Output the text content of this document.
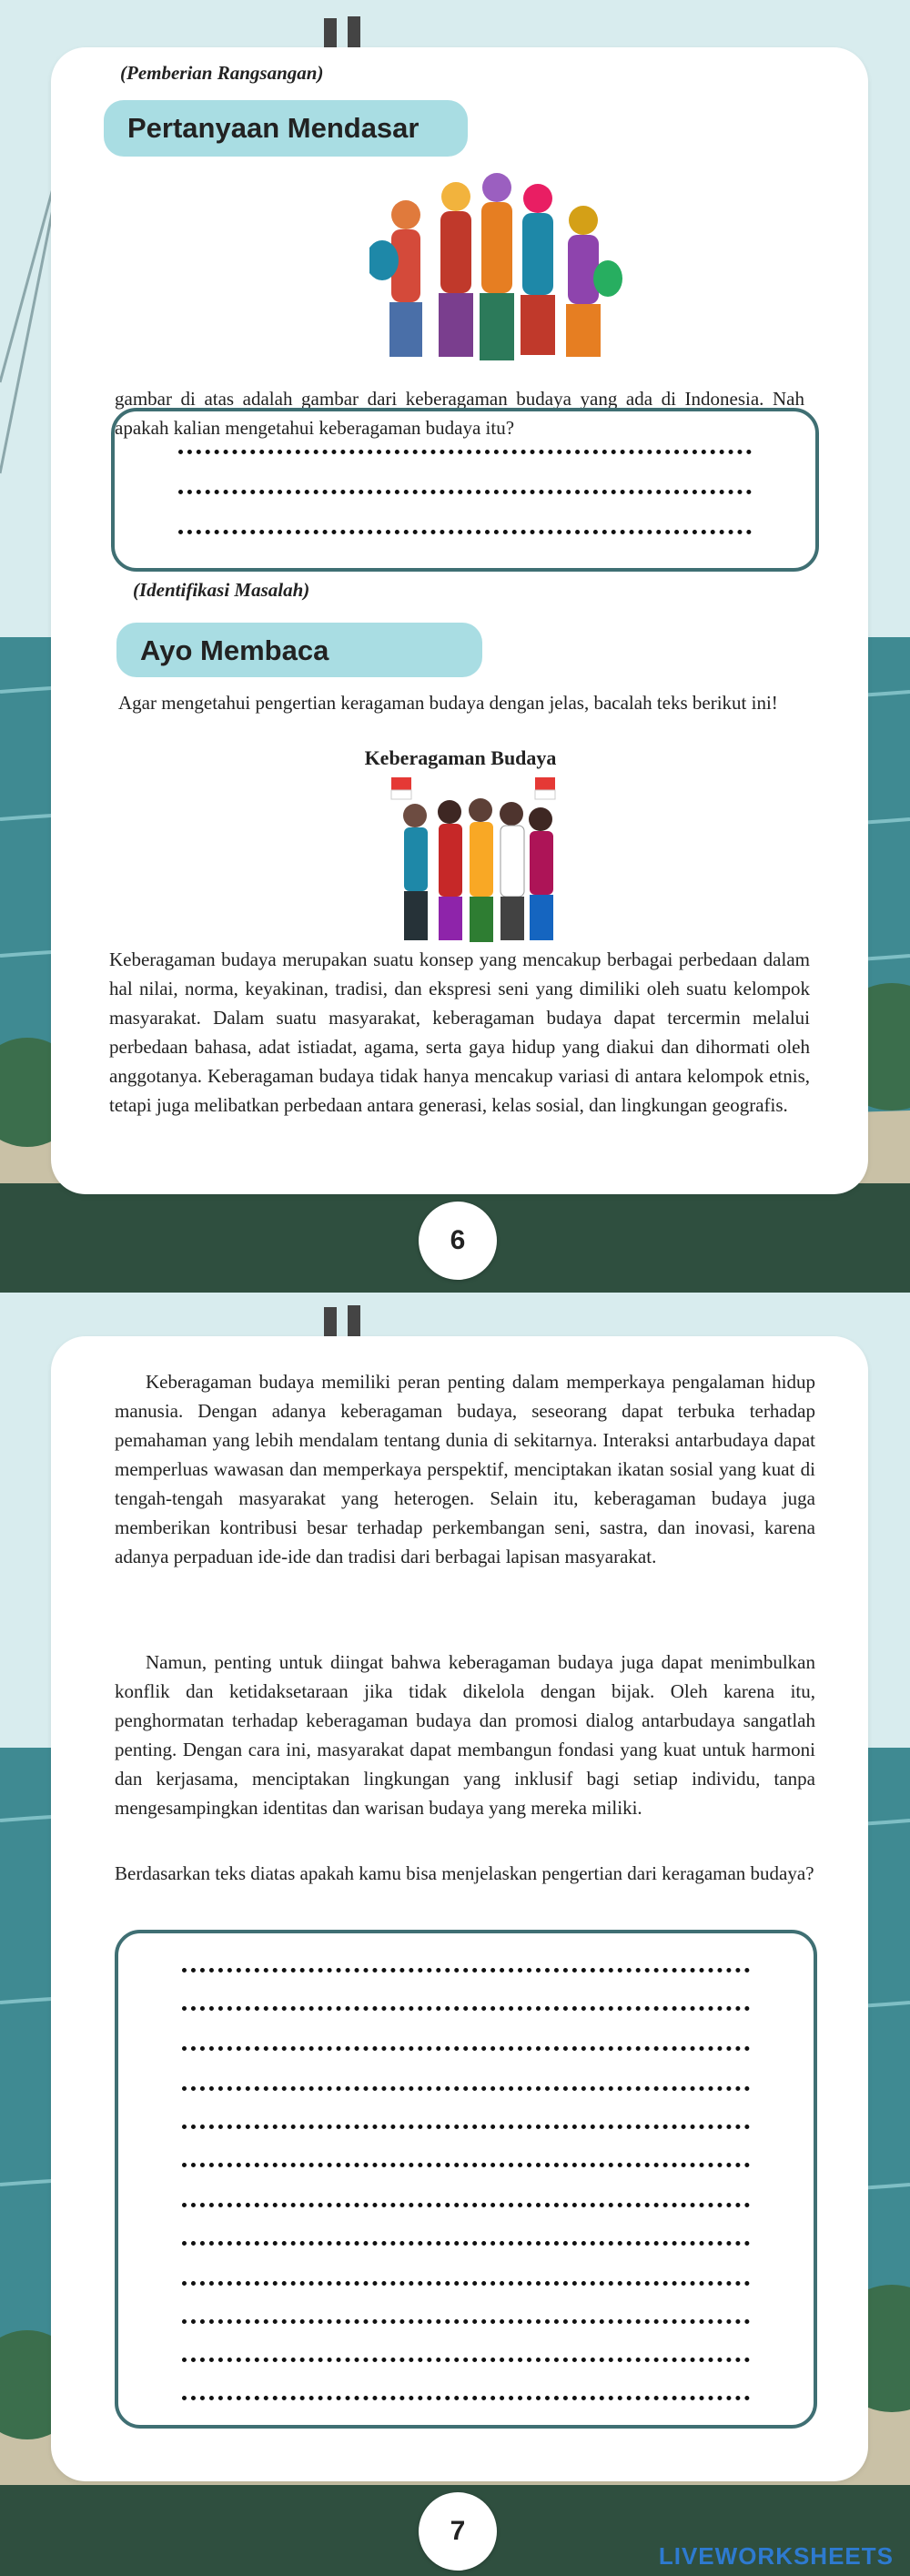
(Pemberian Rangsangan)
Pertanyaan Mendasar

gambar di atas adalah gambar dari keberagaman budaya yang ada di Indonesia. Nah apakah kalian mengetahui keberagaman budaya itu?

(Identifikasi Masalah)
Ayo Membaca

Agar mengetahui pengertian keragaman budaya dengan jelas, bacalah teks berikut ini!

Keberagaman Budaya

Keberagaman budaya merupakan suatu konsep yang mencakup berbagai perbedaan dalam hal nilai, norma, keyakinan, tradisi, dan ekspresi seni yang dimiliki oleh suatu kelompok masyarakat. Dalam suatu masyarakat, keberagaman budaya dapat tercermin melalui perbedaan bahasa, adat istiadat, agama, serta gaya hidup yang diakui dan dihormati oleh anggotanya. Keberagaman budaya tidak hanya mencakup variasi di antara kelompok etnis, tetapi juga melibatkan perbedaan antara generasi, kelas sosial, dan lingkungan geografis.

6

Keberagaman budaya memiliki peran penting dalam memperkaya pengalaman hidup manusia. Dengan adanya keberagaman budaya, seseorang dapat terbuka terhadap pemahaman yang lebih mendalam tentang dunia di sekitarnya. Interaksi antarbudaya dapat memperluas wawasan dan memperkaya perspektif, menciptakan ikatan sosial yang kuat di tengah-tengah masyarakat yang heterogen. Selain itu, keberagaman budaya juga memberikan kontribusi besar terhadap perkembangan seni, sastra, dan inovasi, karena adanya perpaduan ide-ide dan tradisi dari berbagai lapisan masyarakat.

Namun, penting untuk diingat bahwa keberagaman budaya juga dapat menimbulkan konflik dan ketidaksetaraan jika tidak dikelola dengan bijak. Oleh karena itu, penghormatan terhadap keberagaman budaya dan promosi dialog antarbudaya sangatlah penting. Dengan cara ini, masyarakat dapat membangun fondasi yang kuat untuk harmoni dan kerjasama, menciptakan lingkungan yang inklusif bagi setiap individu, tanpa mengesampingkan identitas dan warisan budaya yang mereka miliki.

Berdasarkan teks diatas apakah kamu bisa menjelaskan pengertian dari keragaman budaya?

7
LIVEWORKSHEETS
